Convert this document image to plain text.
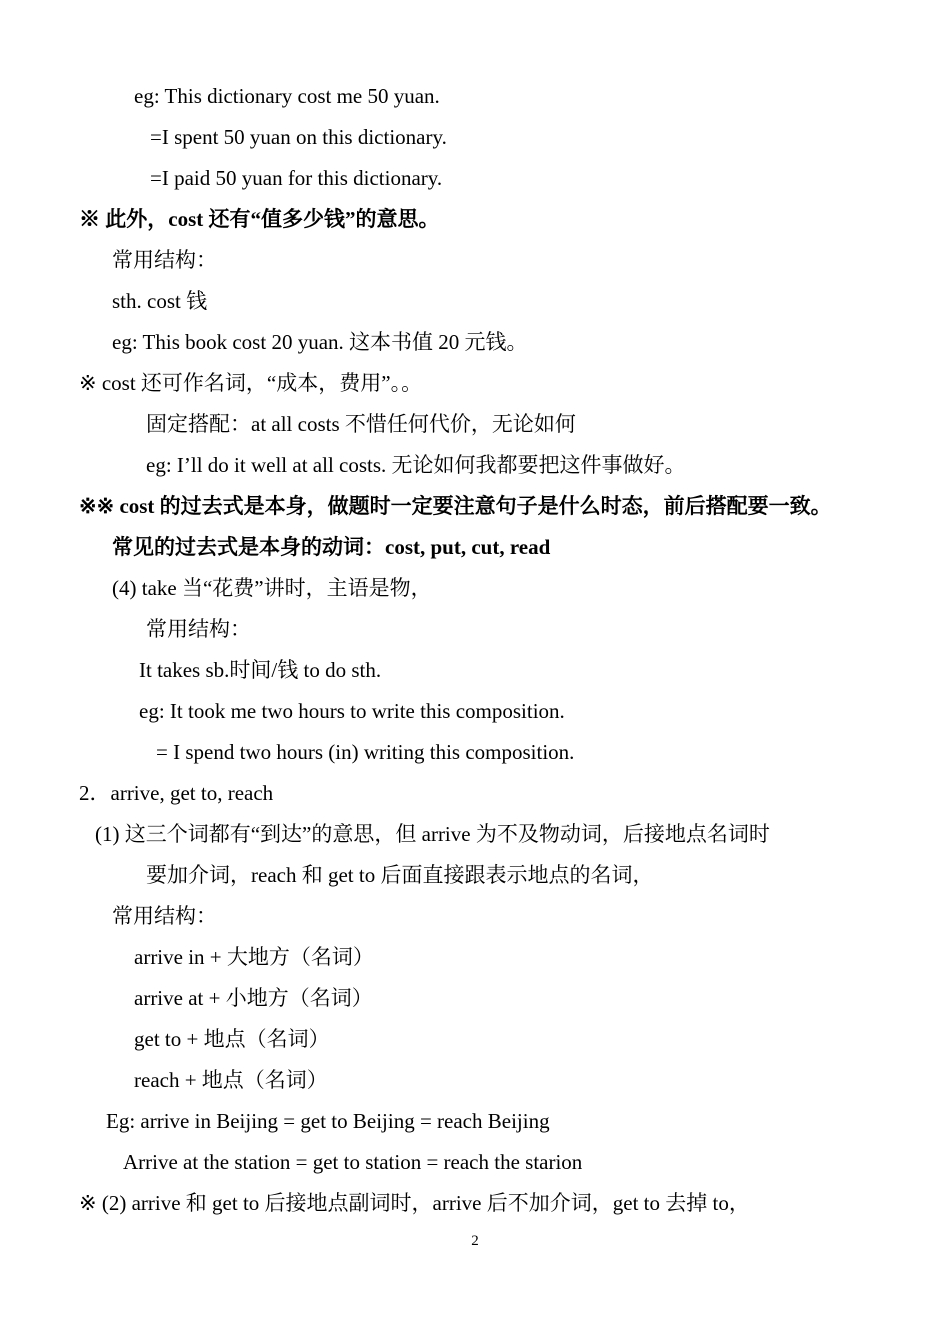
eg: This dictionary cost me 50 yuan.
=I spent 50 yuan on this dictionary.
=I paid 50 yuan for this dictionary.
※ 此外，cost 还有“值多少钱”的意思。
常用结构：
sth. cost 钱
eg: This book cost 20 yuan. 这本书值 20 元钱。
※ cost 还可作名词，“成本，费用”。。
固定搭配：at all costs 不惜任何代价，无论如何
eg: I’ll do it well at all costs. 无论如何我都要把这件事做好。
※※ cost 的过去式是本身，做题时一定要注意句子是什么时态，前后搭配要一致。
常见的过去式是本身的动词：cost, put, cut, read
(4) take 当“花费”讲时，主语是物，
常用结构：
It takes sb.时间/钱 to do sth.
eg: It took me two hours to write this composition.
= I spend two hours (in) writing this composition.
2．arrive, get to, reach
(1) 这三个词都有“到达”的意思，但 arrive 为不及物动词，后接地点名词时
要加介词，reach 和 get to 后面直接跟表示地点的名词，
常用结构：
arrive in + 大地方（名词）
arrive at + 小地方（名词）
get to + 地点（名词）
reach + 地点（名词）
Eg: arrive in Beijing = get to Beijing = reach Beijing
Arrive at the station = get to station = reach the starion
※ (2) arrive 和 get to 后接地点副词时，arrive 后不加介词，get to 去掉 to，
2
